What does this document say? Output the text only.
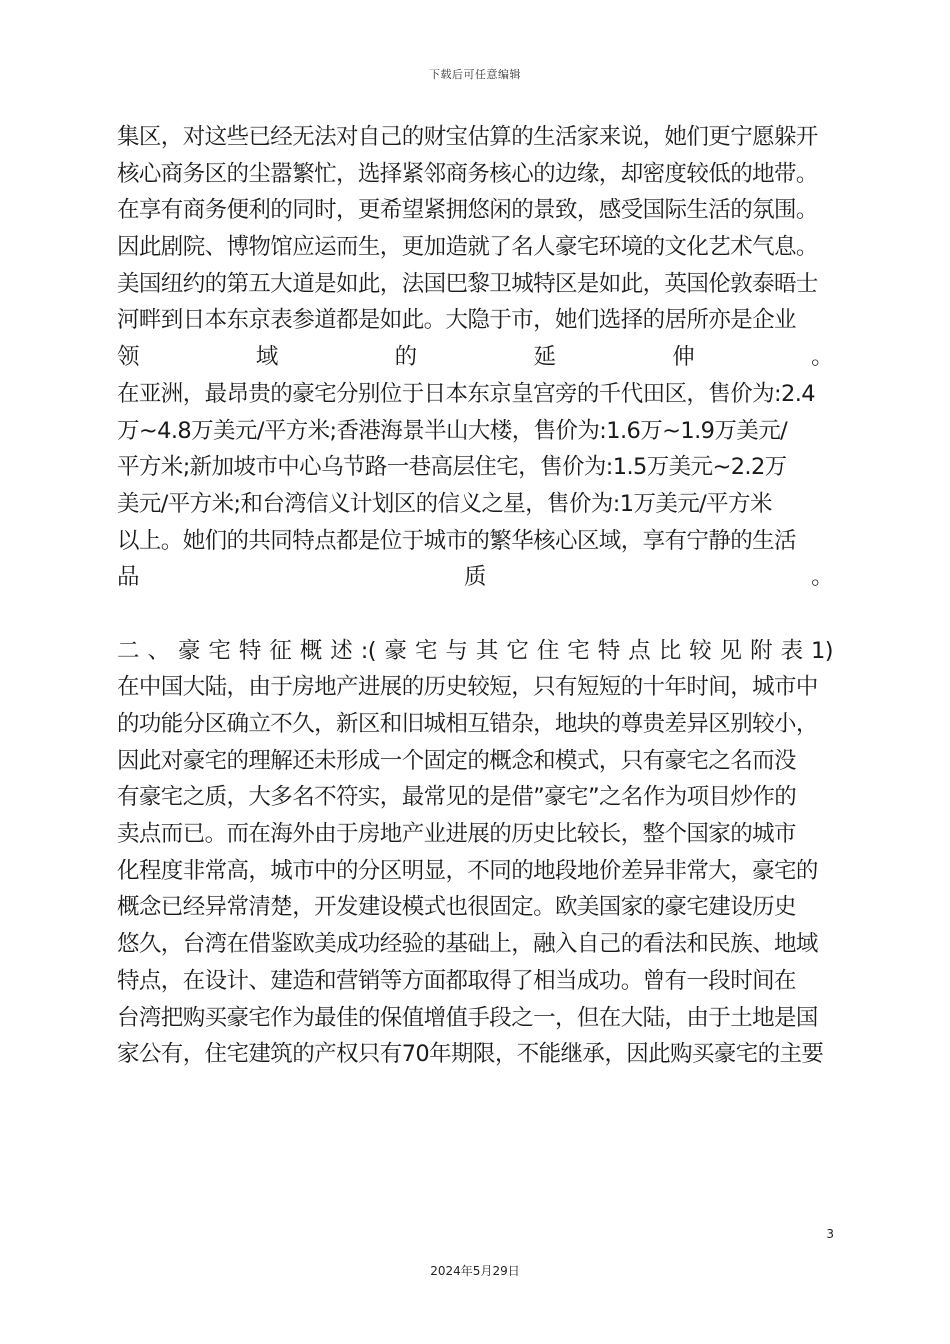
下载后可任意编辑
集区，对这些已经无法对自己的财宝估算的生活家来说，她们更宁愿躲开
核心商务区的尘嚣繁忙，选择紧邻商务核心的边缘，却密度较低的地带。
在享有商务便利的同时，更希望紧拥悠闲的景致，感受国际生活的氛围。
因此剧院、博物馆应运而生，更加造就了名人豪宅环境的文化艺术气息。
美国纽约的第五大道是如此，法国巴黎卫城特区是如此，英国伦敦泰晤士
河畔到日本东京表参道都是如此。大隐于市，她们选择的居所亦是企业
领	域	的	延	伸	。
在亚洲，最昂贵的豪宅分别位于日本东京皇宫旁的千代田区，售价为:2.4
万~4.8万美元/平方米;香港海景半山大楼，售价为:1.6万~1.9万美元/
平方米;新加坡市中心乌节路一巷高层住宅，售价为:1.5万美元~2.2万
美元/平方米;和台湾信义计划区的信义之星，售价为:1万美元/平方米
以上。她们的共同特点都是位于城市的繁华核心区域，享有宁静的生活
品	质	。
二 、 豪 宅 特 征 概 述 :( 豪 宅 与 其 它 住 宅 特 点 比 较 见 附 表 1)
在中国大陆，由于房地产进展的历史较短，只有短短的十年时间，城市中
的功能分区确立不久，新区和旧城相互错杂，地块的尊贵差异区别较小，
因此对豪宅的理解还未形成一个固定的概念和模式，只有豪宅之名而没
有豪宅之质，大多名不符实，最常见的是借”豪宅”之名作为项目炒作的
卖点而已。而在海外由于房地产业进展的历史比较长，整个国家的城市
化程度非常高，城市中的分区明显，不同的地段地价差异非常大，豪宅的
概念已经异常清楚，开发建设模式也很固定。欧美国家的豪宅建设历史
悠久，台湾在借鉴欧美成功经验的基础上，融入自己的看法和民族、地域
特点，在设计、建造和营销等方面都取得了相当成功。曾有一段时间在
台湾把购买豪宅作为最佳的保值增值手段之一，但在大陆，由于土地是国
家公有，住宅建筑的产权只有70年期限，不能继承，因此购买豪宅的主要
3
2024年5月29日
